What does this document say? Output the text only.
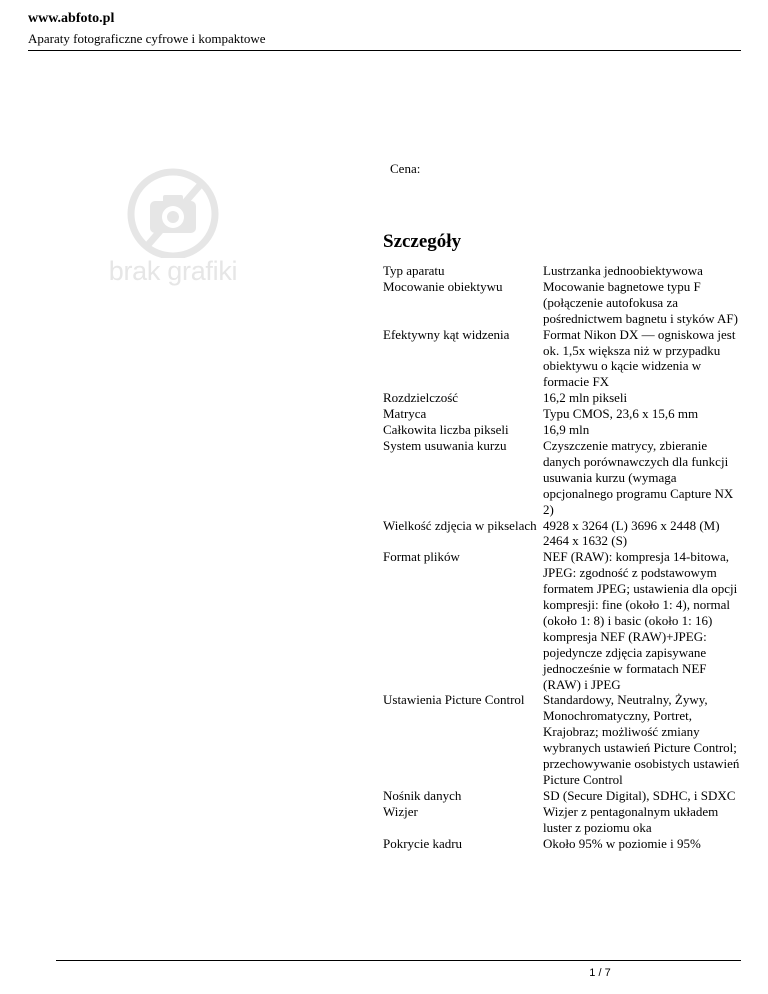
www.abfoto.pl
Aparaty fotograficzne cyfrowe i kompaktowe
brak grafiki
Cena:
Szczegóły
Typ aparatu	Lustrzanka jednoobiektywowa
Mocowanie obiektywu	Mocowanie bagnetowe typu F (połączenie autofokusa za pośrednictwem bagnetu i styków AF)
Efektywny kąt widzenia	Format Nikon DX — ogniskowa jest ok. 1,5x większa niż w przypadku obiektywu o kącie widzenia w formacie FX
Rozdzielczość	16,2 mln pikseli
Matryca	Typu CMOS, 23,6 x 15,6 mm
Całkowita liczba pikseli	16,9 mln
System usuwania kurzu	Czyszczenie matrycy, zbieranie danych porównawczych dla funkcji usuwania kurzu (wymaga opcjonalnego programu Capture NX 2)
Wielkość zdjęcia w pikselach	4928 x 3264 (L) 3696 x 2448 (M) 2464 x 1632 (S)
Format plików	NEF (RAW): kompresja 14-bitowa, JPEG: zgodność z podstawowym formatem JPEG; ustawienia dla opcji kompresji: fine (około 1: 4), normal (około 1: 8) i basic (około 1: 16) kompresja NEF (RAW)+JPEG: pojedyncze zdjęcia zapisywane jednocześnie w formatach NEF (RAW) i JPEG
Ustawienia Picture Control	Standardowy, Neutralny, Żywy, Monochromatyczny, Portret, Krajobraz; możliwość zmiany wybranych ustawień Picture Control; przechowywanie osobistych ustawień Picture Control
Nośnik danych	SD (Secure Digital), SDHC, i SDXC
Wizjer	Wizjer z pentagonalnym układem luster z poziomu oka
Pokrycie kadru	Około 95% w poziomie i 95%
1 / 7
